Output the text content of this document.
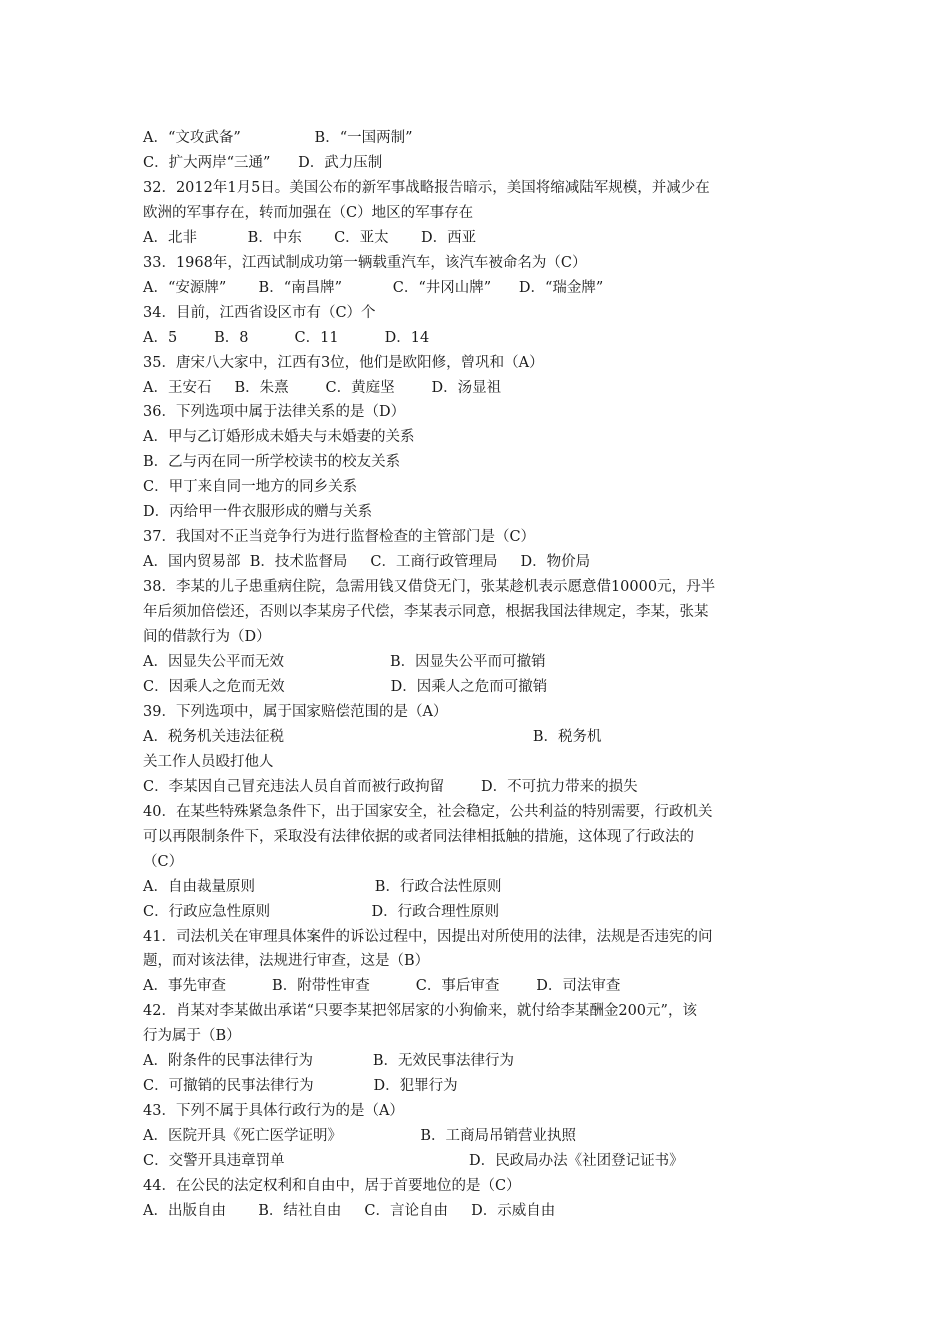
A．“文攻武备”                B．“一国两制”
C．扩大两岸“三通”      D．武力压制
32．2012年1月5日。美国公布的新军事战略报告暗示，美国将缩减陆军规模，并减少在
欧洲的军事存在，转而加强在（C）地区的军事存在
A．北非           B．中东       C．亚太       D．西亚
33．1968年，江西试制成功第一辆载重汽车，该汽车被命名为（C）
A．“安源牌”       B．“南昌牌”           C．“井冈山牌”      D．“瑞金牌”
34．目前，江西省设区市有（C）个
A．5        B．8          C．11          D．14
35．唐宋八大家中，江西有3位，他们是欧阳修，曾巩和（A）
A．王安石     B．朱熹        C．黄庭坚        D．汤显祖
36．下列选项中属于法律关系的是（D）
A．甲与乙订婚形成未婚夫与未婚妻的关系
B．乙与丙在同一所学校读书的校友关系
C．甲丁来自同一地方的同乡关系
D．丙给甲一件衣服形成的赠与关系
37．我国对不正当竞争行为进行监督检查的主管部门是（C）
A．国内贸易部  B．技术监督局     C．工商行政管理局     D．物价局
38．李某的儿子患重病住院，急需用钱又借贷无门，张某趁机表示愿意借10000元，丹半
年后须加倍偿还，否则以李某房子代偿，李某表示同意，根据我国法律规定，李某，张某
间的借款行为（D）
A．因显失公平而无效                       B．因显失公平而可撤销
C．因乘人之危而无效                       D．因乘人之危而可撤销
39．下列选项中，属于国家赔偿范围的是（A）
A．税务机关违法征税                                                      B．税务机
关工作人员殴打他人
C．李某因自己冒充违法人员自首而被行政拘留        D．不可抗力带来的损失
40．在某些特殊紧急条件下，出于国家安全，社会稳定，公共利益的特别需要，行政机关
可以再限制条件下，采取没有法律依据的或者同法律相抵触的措施，这体现了行政法的
（C）
A．自由裁量原则                          B．行政合法性原则
C．行政应急性原则                      D．行政合理性原则
41．司法机关在审理具体案件的诉讼过程中，因提出对所使用的法律，法规是否违宪的问
题，而对该法律，法规进行审查，这是（B）
A．事先审查          B．附带性审查          C．事后审查        D．司法审查
42．肖某对李某做出承诺“只要李某把邻居家的小狗偷来，就付给李某酬金200元”，该
行为属于（B）
A．附条件的民事法律行为             B．无效民事法律行为
C．可撤销的民事法律行为             D．犯罪行为
43．下列不属于具体行政行为的是（A）
A．医院开具《死亡医学证明》                 B．工商局吊销营业执照
C．交警开具违章罚单                                        D．民政局办法《社团登记证书》
44．在公民的法定权利和自由中，居于首要地位的是（C）
A．出版自由       B．结社自由     C．言论自由     D．示威自由
